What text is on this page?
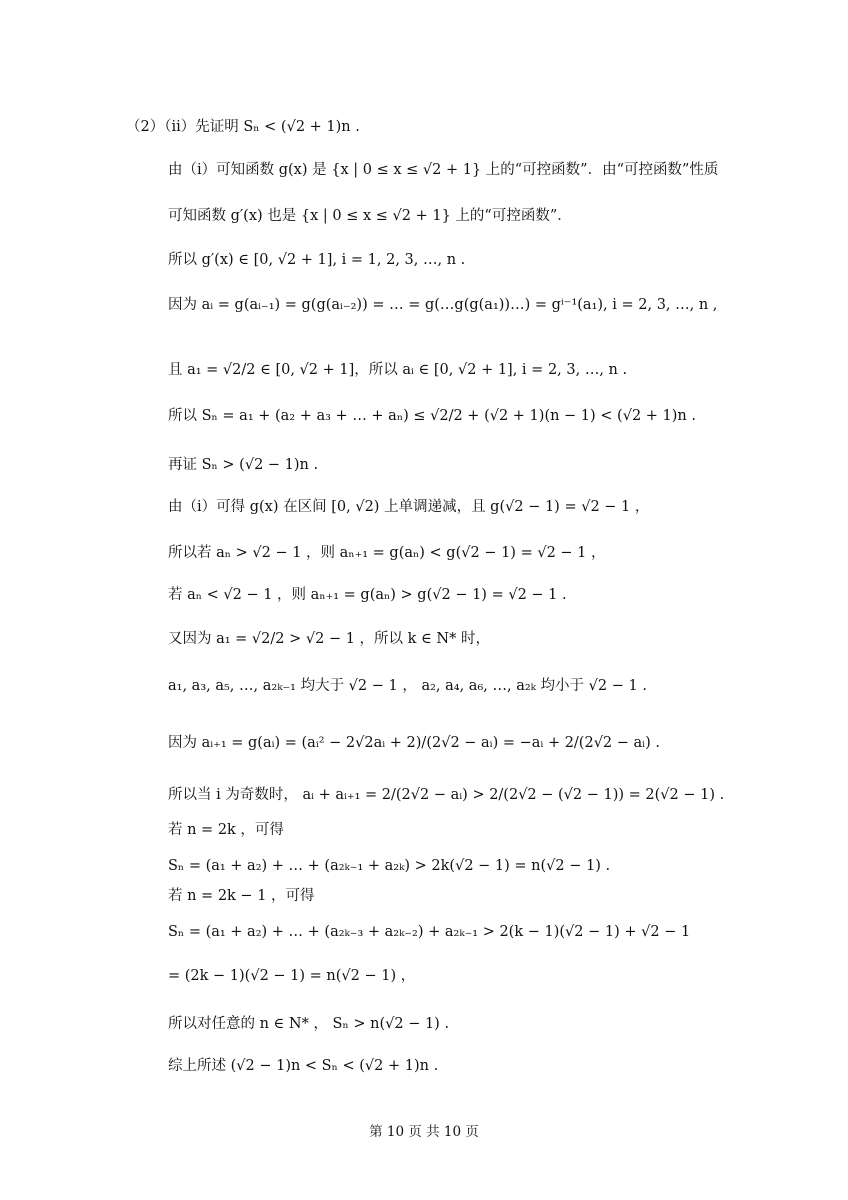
（2）（ii）先证明 Sₙ < (√2 + 1)n .
由（i）可知函数 g(x) 是 {x | 0 ≤ x ≤ √2 + 1} 上的“可控函数”．由“可控函数”性质
可知函数 g′(x) 也是 {x | 0 ≤ x ≤ √2 + 1} 上的“可控函数”．
所以 g′(x) ∈ [0, √2 + 1], i = 1, 2, 3, …, n .
因为 aᵢ = g(aᵢ₋₁) = g(g(aᵢ₋₂)) = … = g(…g(g(a₁))…) = gⁱ⁻¹(a₁), i = 2, 3, …, n ,
且 a₁ = √2/2 ∈ [0, √2 + 1]，所以 aᵢ ∈ [0, √2 + 1], i = 2, 3, …, n .
所以 Sₙ = a₁ + (a₂ + a₃ + … + aₙ) ≤ √2/2 + (√2 + 1)(n − 1) < (√2 + 1)n .
再证 Sₙ > (√2 − 1)n .
由（i）可得 g(x) 在区间 [0, √2) 上单调递减，且 g(√2 − 1) = √2 − 1 ，
所以若 aₙ > √2 − 1 ，则 aₙ₊₁ = g(aₙ) < g(√2 − 1) = √2 − 1 ，
若 aₙ < √2 − 1 ，则 aₙ₊₁ = g(aₙ) > g(√2 − 1) = √2 − 1 .
又因为 a₁ = √2/2 > √2 − 1 ，所以 k ∈ N* 时，
a₁, a₃, a₅, …, a₂ₖ₋₁ 均大于 √2 − 1 ， a₂, a₄, a₆, …, a₂ₖ 均小于 √2 − 1 .
因为 aᵢ₊₁ = g(aᵢ) = (aᵢ² − 2√2aᵢ + 2)/(2√2 − aᵢ) = −aᵢ + 2/(2√2 − aᵢ) .
所以当 i 为奇数时， aᵢ + aᵢ₊₁ = 2/(2√2 − aᵢ) > 2/(2√2 − (√2 − 1)) = 2(√2 − 1) .
若 n = 2k ，可得
Sₙ = (a₁ + a₂) + … + (a₂ₖ₋₁ + a₂ₖ) > 2k(√2 − 1) = n(√2 − 1) .
若 n = 2k − 1 ，可得
Sₙ = (a₁ + a₂) + … + (a₂ₖ₋₃ + a₂ₖ₋₂) + a₂ₖ₋₁ > 2(k − 1)(√2 − 1) + √2 − 1
= (2k − 1)(√2 − 1) = n(√2 − 1) ，
所以对任意的 n ∈ N* ， Sₙ > n(√2 − 1) .
综上所述 (√2 − 1)n < Sₙ < (√2 + 1)n .
第 10 页 共 10 页
